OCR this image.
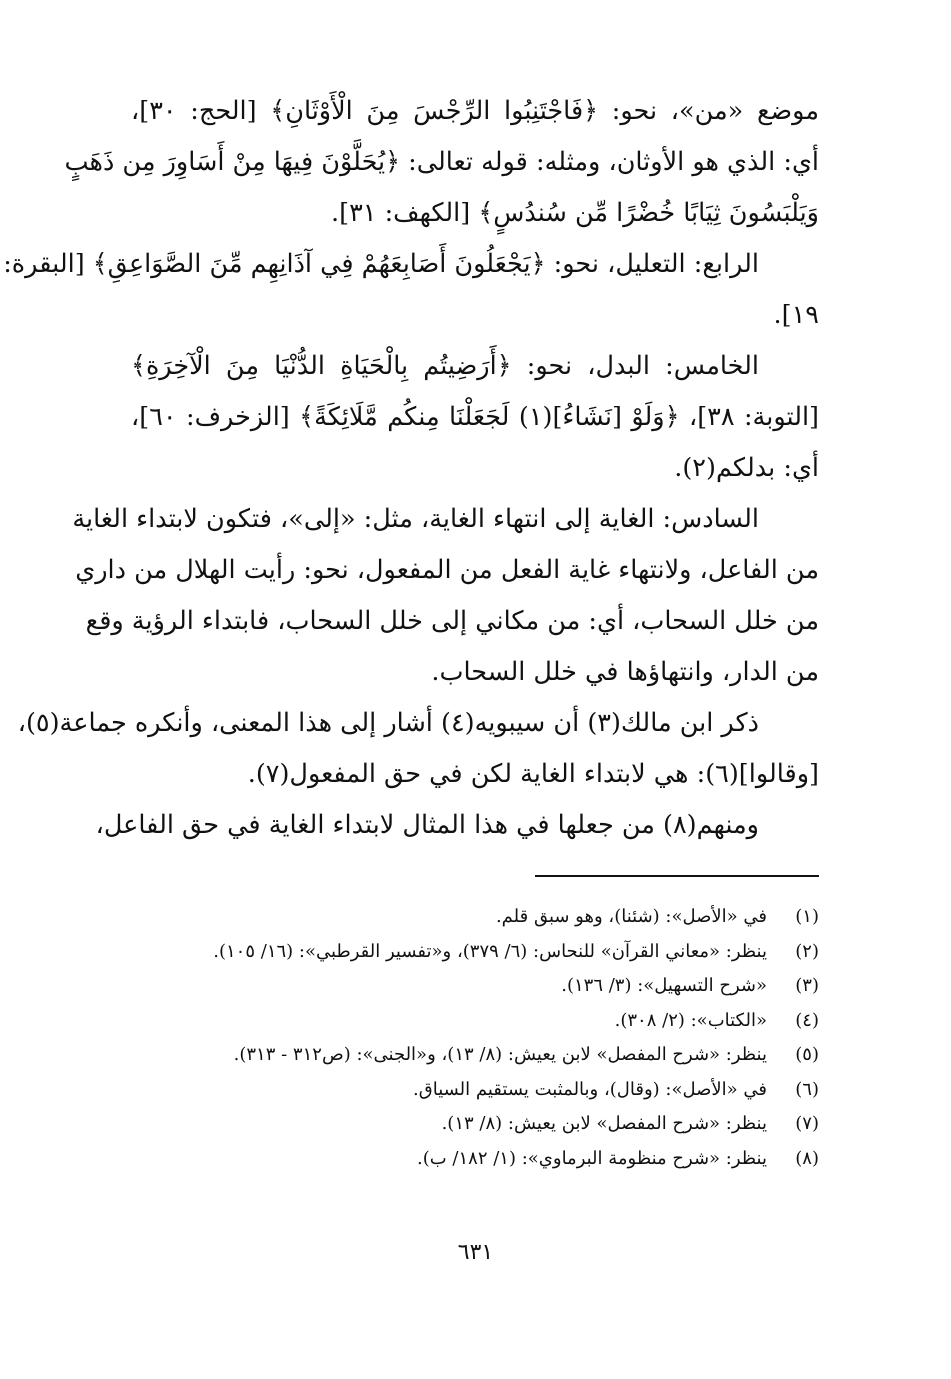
موضع «من»، نحو: ﴿فَاجْتَنِبُوا الرِّجْسَ مِنَ الْأَوْثَانِ﴾ [الحج: ٣٠]،
أي: الذي هو الأوثان، ومثله: قوله تعالى: ﴿يُحَلَّوْنَ فِيهَا مِنْ أَسَاوِرَ مِن ذَهَبٍ
وَيَلْبَسُونَ ثِيَابًا خُضْرًا مِّن سُندُسٍ﴾ [الكهف: ٣١].
الرابع: التعليل، نحو: ﴿يَجْعَلُونَ أَصَابِعَهُمْ فِي آذَانِهِم مِّنَ الصَّوَاعِقِ﴾ [البقرة:
١٩].
الخامس: البدل، نحو: ﴿أَرَضِيتُم بِالْحَيَاةِ الدُّنْيَا مِنَ الْآخِرَةِ﴾
[التوبة: ٣٨]، ﴿وَلَوْ [نَشَاءُ](١) لَجَعَلْنَا مِنكُم مَّلَائِكَةً﴾ [الزخرف: ٦٠]،
أي: بدلكم(٢).
السادس: الغاية إلى انتهاء الغاية، مثل: «إلى»، فتكون لابتداء الغاية
من الفاعل، ولانتهاء غاية الفعل من المفعول، نحو: رأيت الهلال من داري
من خلل السحاب، أي: من مكاني إلى خلل السحاب، فابتداء الرؤية وقع
من الدار، وانتهاؤها في خلل السحاب.
ذكر ابن مالك(٣) أن سيبويه(٤) أشار إلى هذا المعنى، وأنكره جماعة(٥)،
[وقالوا](٦): هي لابتداء الغاية لكن في حق المفعول(٧).
ومنهم(٨) من جعلها في هذا المثال لابتداء الغاية في حق الفاعل،
(١)في «الأصل»: (شئنا)، وهو سبق قلم.
(٢)ينظر: «معاني القرآن» للنحاس: (٦/ ٣٧٩)، و«تفسير القرطبي»: (١٦/ ١٠٥).
(٣)«شرح التسهيل»: (٣/ ١٣٦).
(٤)«الكتاب»: (٢/ ٣٠٨).
(٥)ينظر: «شرح المفصل» لابن يعيش: (٨/ ١٣)، و«الجنى»: (ص٣١٢ - ٣١٣).
(٦)في «الأصل»: (وقال)، وبالمثبت يستقيم السياق.
(٧)ينظر: «شرح المفصل» لابن يعيش: (٨/ ١٣).
(٨)ينظر: «شرح منظومة البرماوي»: (١/ ١٨٢/ ب).
٦٣١
